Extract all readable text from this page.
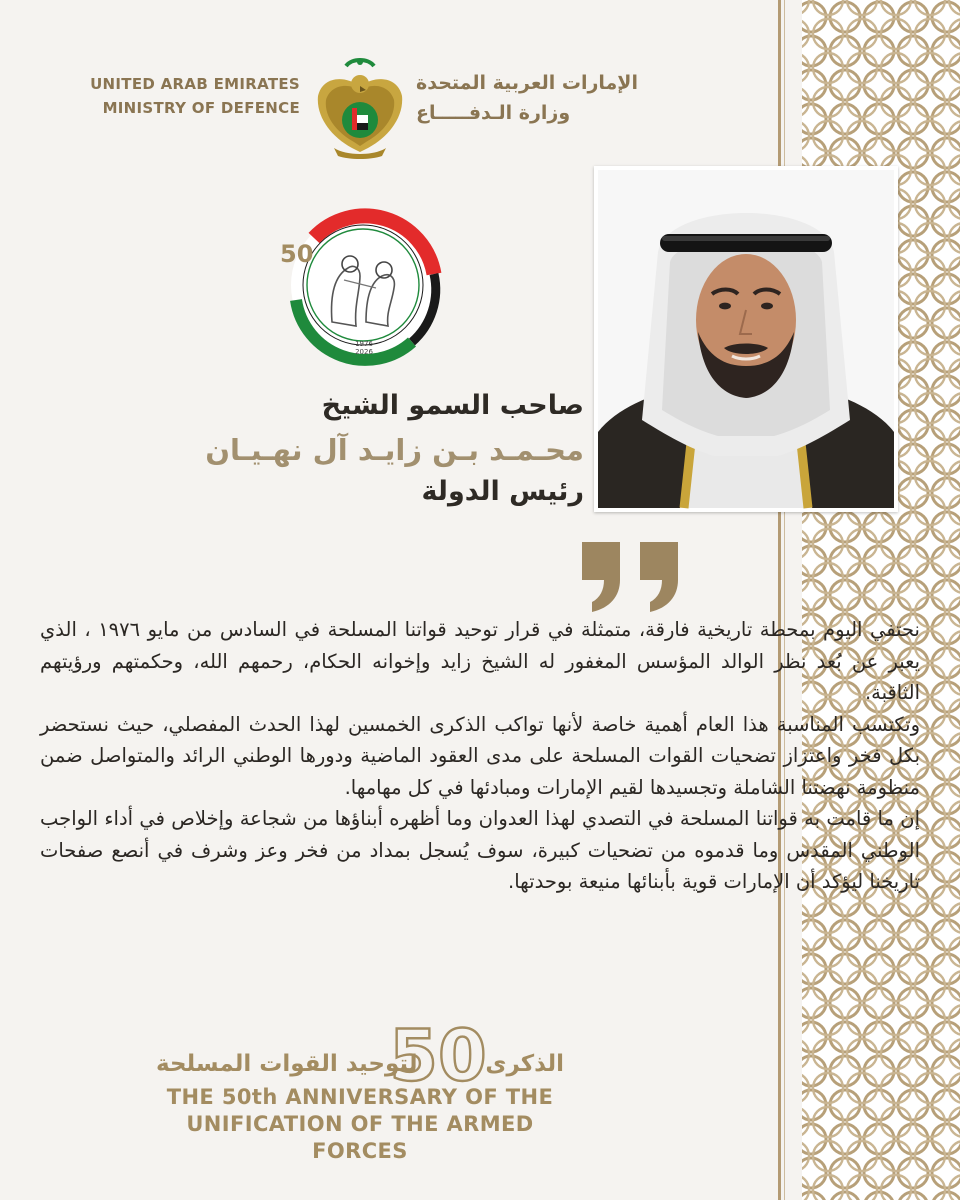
UNITED ARAB EMIRATES
MINISTRY OF DEFENCE
الإمارات العربية المتحدة
وزارة الـدفـــــاع
1976
2026
50
صاحب السمو الشيخ
محـمـد بـن زايـد آل نهـيـان
رئيس الدولة

نحتفي اليوم بمحطة تاريخية فارقة، متمثلة في قرار توحيد قواتنا المسلحة في السادس من مايو ١٩٧٦ ، الذي يعبر عن بُعد نظر الوالد المؤسس المغفور له الشيخ زايد وإخوانه الحكام، رحمهم الله، وحكمتهم ورؤيتهم الثاقبة.

وتكتسب المناسبة هذا العام أهمية خاصة لأنها تواكب الذكرى الخمسين لهذا الحدث المفصلي، حيث نستحضر بكل فخر واعتزاز تضحيات القوات المسلحة على مدى العقود الماضية ودورها الوطني الرائد والمتواصل ضمن منظومة نهضتنا الشاملة وتجسيدها لقيم الإمارات ومبادئها في كل مهامها.

إن ما قامت به قواتنا المسلحة في التصدي لهذا العدوان وما أظهره أبناؤها من شجاعة وإخلاص في أداء الواجب الوطني المقدس وما قدموه من تضحيات كبيرة، سوف يُسجل بمداد من فخر وعز وشرف في أنصع صفحات تاريخنا ليؤكد أن الإمارات قوية بأبنائها منيعة بوحدتها.

الذكرى
لتوحيد القوات المسلحة
50
THE 50th ANNIVERSARY OF THE
UNIFICATION OF THE ARMED FORCES
